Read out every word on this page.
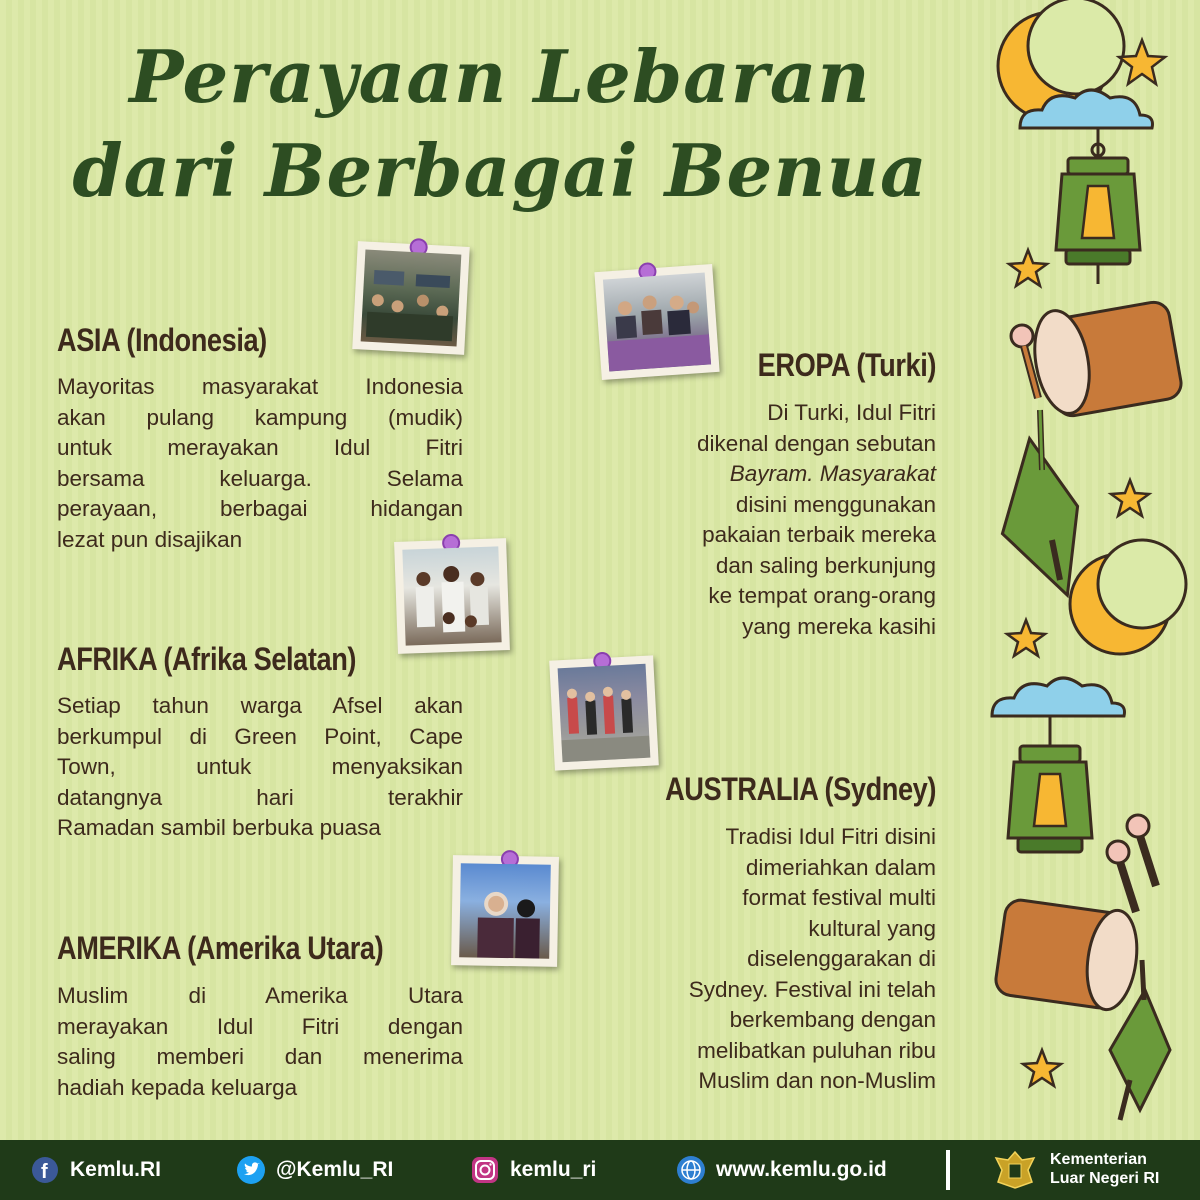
Perayaan Lebaran
dari Berbagai Benua
ASIA (Indonesia)
Mayoritas masyarakat Indonesia
akan pulang kampung (mudik)
untuk merayakan Idul Fitri
bersama keluarga. Selama
perayaan, berbagai hidangan
lezat pun disajikan
AFRIKA (Afrika Selatan)
Setiap tahun warga Afsel akan
berkumpul di Green Point, Cape
Town, untuk menyaksikan
datangnya hari terakhir
Ramadan sambil berbuka puasa
AMERIKA (Amerika Utara)
Muslim di Amerika Utara
merayakan Idul Fitri dengan
saling memberi dan menerima
hadiah kepada keluarga
EROPA (Turki)
Di Turki, Idul Fitri
dikenal dengan sebutan
Bayram. Masyarakat
disini menggunakan
pakaian terbaik mereka
dan saling berkunjung
ke tempat orang-orang
yang mereka kasihi
AUSTRALIA (Sydney)
Tradisi Idul Fitri disini
dimeriahkan dalam
format festival multi
kultural yang
diselenggarakan di
Sydney. Festival ini telah
berkembang dengan
melibatkan puluhan ribu
Muslim dan non-Muslim
f Kemlu.RI	@Kemlu_RI	kemlu_ri	www.kemlu.go.id	Kementerian
Luar Negeri RI
